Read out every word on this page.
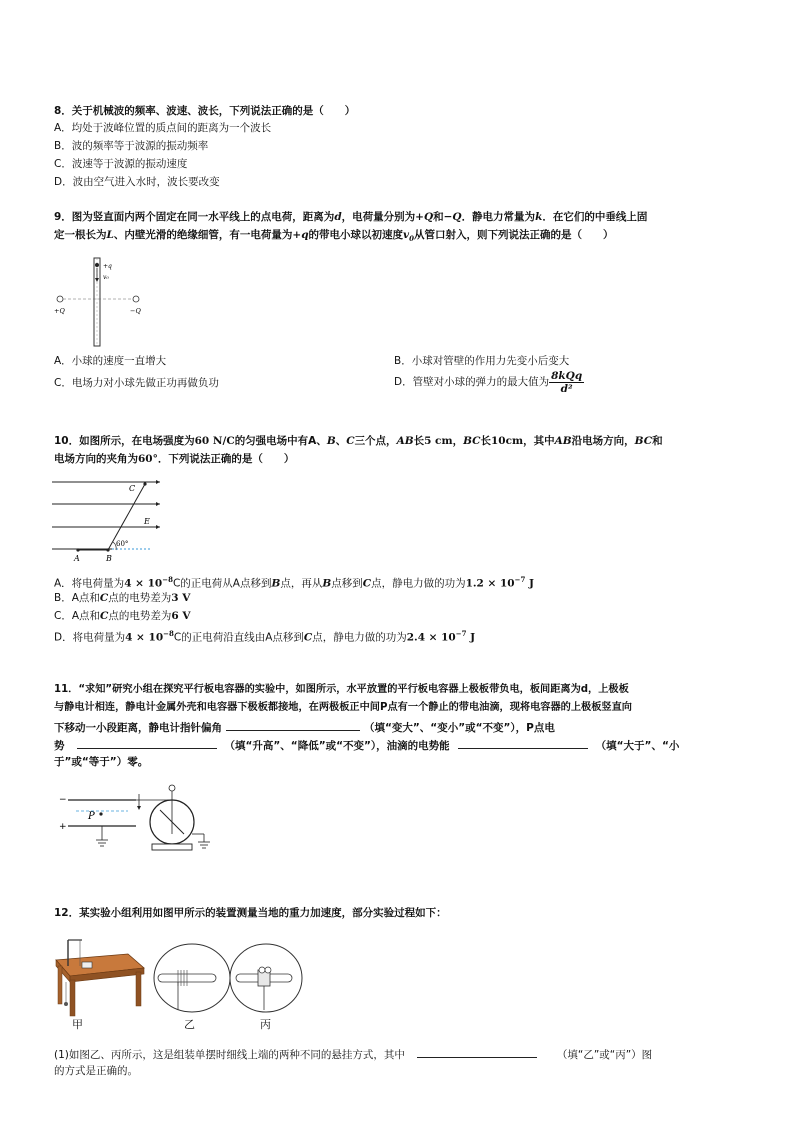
8．关于机械波的频率、波速、波长，下列说法正确的是（　　）
A．均处于波峰位置的质点间的距离为一个波长
B．波的频率等于波源的振动频率
C．波速等于波源的振动速度
D．波由空气进入水时，波长要改变
9．图为竖直面内两个固定在同一水平线上的点电荷，距离为d，电荷量分别为+Q和−Q．静电力常量为k．在它们的中垂线上固
定一根长为L、内壁光滑的绝缘细管，有一电荷量为+q的带电小球以初速度$v_0$从管口射入，则下列说法正确的是（　　）
+q
v₀
+Q	−Q
A．小球的速度一直增大	B．小球对管壁的作用力先变小后变大
C．电场力对小球先做正功再做负功	D．管壁对小球的弹力的最大值为 $\frac{\text{8kQq}}{\text{d²}}$
10．如图所示，在电场强度为60 N/C的匀强电场中有A、B、C三个点，AB长5 cm，BC长10cm，其中AB沿电场方向，BC和
电场方向的夹角为60°．下列说法正确的是（　　）
C
E
60°
A	B
A．将电荷量为$4 \times 10^{-8}C$的正电荷从A点移到B点，再从B点移到C点，静电力做的功为$1.2 \times 10^{-7}$ J
B．A点和C点的电势差为3 V
C．A点和C点的电势差为6 V
D．将电荷量为$4 \times 10^{-8}C$的正电荷沿直线由A点移到C点，静电力做的功为$2.4 \times 10^{-7}$ J
11．“求知”研究小组在探究平行板电容器的实验中，如图所示，水平放置的平行板电容器上极板带负电，板间距离为d，上极板
与静电计相连，静电计金属外壳和电容器下极板都接地，在两极板正中间P点有一个静止的带电油滴，现将电容器的上极板竖直向
下移动一小段距离，静电计指针偏角	（填“变大”、“变小”或“不变”），P点电
势	（填“升高”、“降低”或“不变”），油滴的电势能	（填“大于”、“小
于”或“等于”）零。
−
+
P
12．某实验小组利用如图甲所示的装置测量当地的重力加速度，部分实验过程如下：
甲	乙	丙
(1)如图乙、丙所示，这是组装单摆时细线上端的两种不同的悬挂方式，其中	（填“乙”或“丙”）图
的方式是正确的。
